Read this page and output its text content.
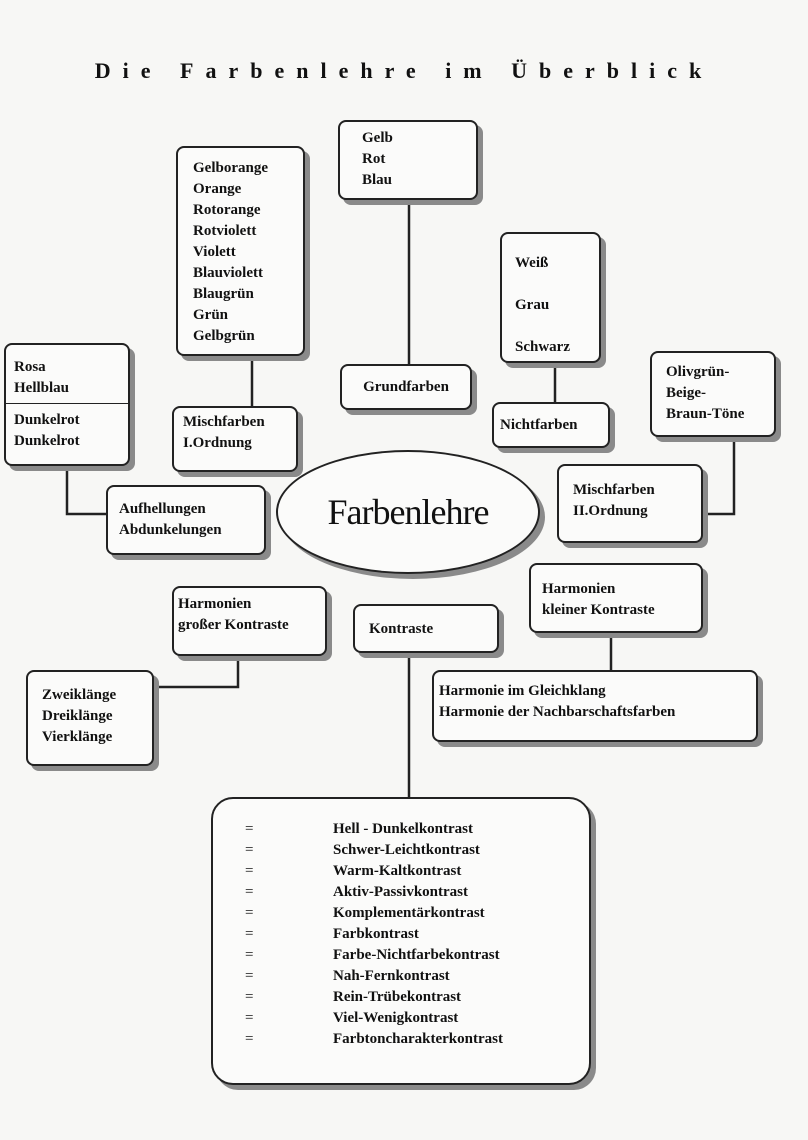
Die Farbenlehre im Überblick
Gelb
Rot
Blau
Grundfarben
Weiß
Grau
Schwarz
Nichtfarben
Gelborange
Orange
Rotorange
Rotviolett
Violett
Blauviolett
Blaugrün
Grün
Gelbgrün
Mischfarben
I.Ordnung
Olivgrün-
Beige-
Braun-Töne
Mischfarben
II.Ordnung
Rosa
Hellblau
Dunkelrot
Dunkelrot
Aufhellungen
Abdunkelungen	Farbenlehre
Harmonien
großer Kontraste
Zweiklänge
Dreiklänge
Vierklänge
Kontraste
Harmonien
kleiner Kontraste
Harmonie im Gleichklang
Harmonie der Nachbarschaftsfarben
=	Hell - Dunkelkontrast
=	Schwer-Leichtkontrast
=	Warm-Kaltkontrast
=	Aktiv-Passivkontrast
=	Komplementärkontrast
=	Farbkontrast
=	Farbe-Nichtfarbekontrast
=	Nah-Fernkontrast
=	Rein-Trübekontrast
=	Viel-Wenigkontrast
=	Farbtoncharakterkontrast
